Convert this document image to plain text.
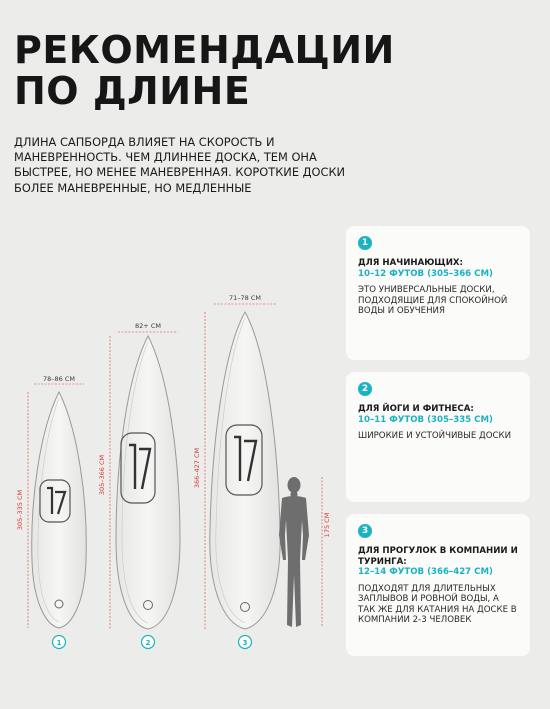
РЕКОМЕНДАЦИИ
ПО ДЛИНЕ
ДЛИНА САПБОРДА ВЛИЯЕТ НА СКОРОСТЬ И МАНЕВРЕННОСТЬ. ЧЕМ ДЛИННЕЕ ДОСКА, ТЕМ ОНА БЫСТРЕЕ, НО МЕНЕЕ МАНЕВРЕННАЯ. КОРОТКИЕ ДОСКИ БОЛЕЕ МАНЕВРЕННЫЕ, НО МЕДЛЕННЫЕ
78–86 СМ
305–335 СМ
1
82+ СМ
305–366 СМ
2
71–78 СМ
366–427 СМ
3
175 СМ
1
ДЛЯ НАЧИНАЮЩИХ:
10–12 ФУТОВ (305–366 СМ)
ЭТО УНИВЕРСАЛЬНЫЕ ДОСКИ, ПОДХОДЯЩИЕ ДЛЯ СПОКОЙНОЙ ВОДЫ И ОБУЧЕНИЯ
2
ДЛЯ ЙОГИ И ФИТНЕСА:
10–11 ФУТОВ (305–335 СМ)
ШИРОКИЕ И УСТОЙЧИВЫЕ ДОСКИ
3
ДЛЯ ПРОГУЛОК В КОМПАНИИ И ТУРИНГА:
12–14 ФУТОВ (366–427 СМ)
ПОДХОДЯТ ДЛЯ ДЛИТЕЛЬНЫХ ЗАПЛЫВОВ И РОВНОЙ ВОДЫ, А ТАК ЖЕ ДЛЯ КАТАНИЯ НА ДОСКЕ В КОМПАНИИ 2-3 ЧЕЛОВЕК
